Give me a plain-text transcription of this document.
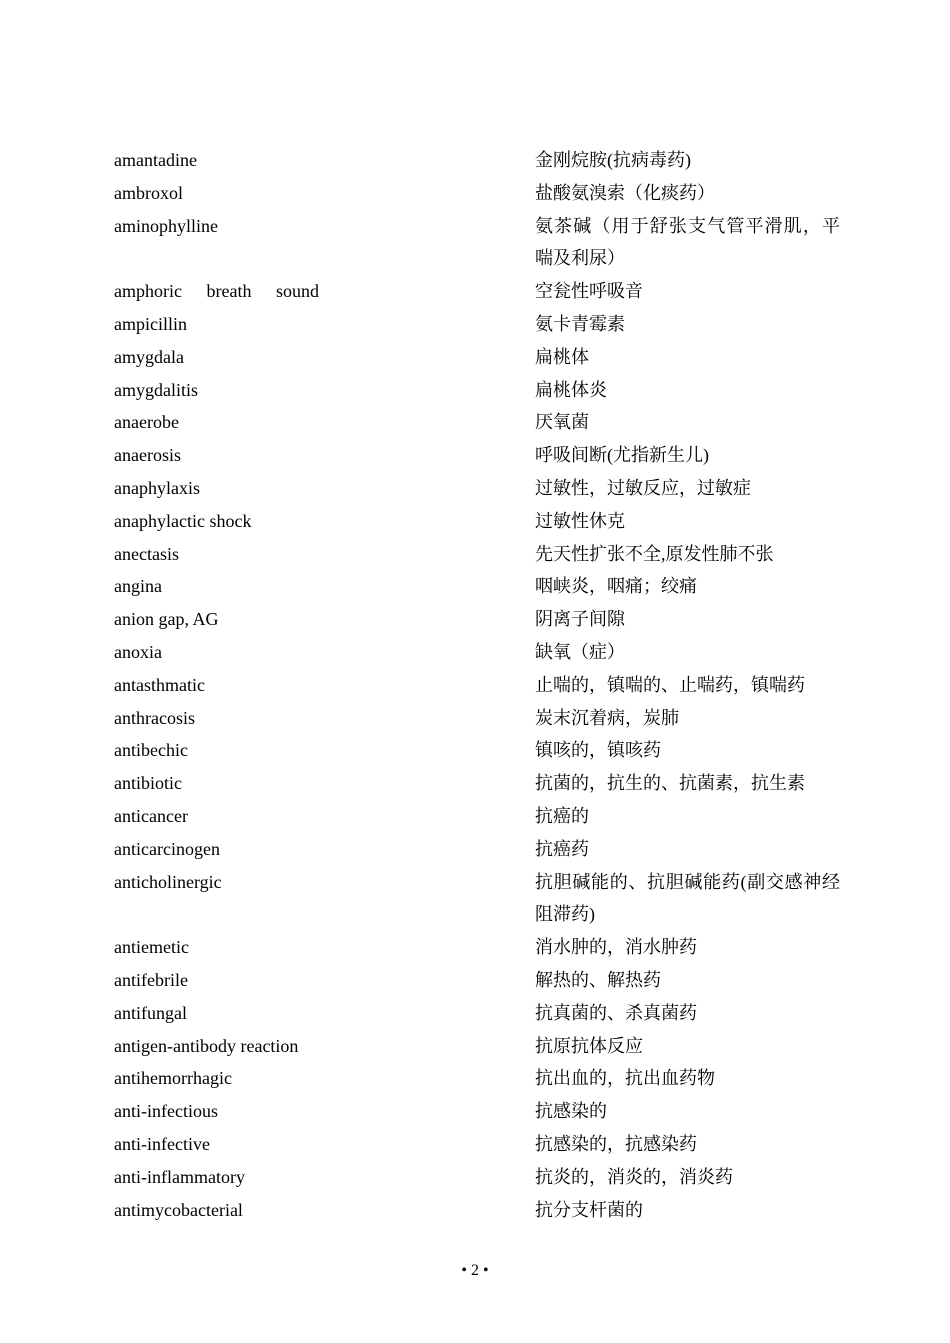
amantadine	金刚烷胺(抗病毒药)
ambroxol	盐酸氨溴索（化痰药）
aminophylline	氨茶碱（用于舒张支气管平滑肌，平喘及利尿）
amphoric breath sound	空瓮性呼吸音
ampicillin	氨卡青霉素
amygdala	扁桃体
amygdalitis	扁桃体炎
anaerobe	厌氧菌
anaerosis	呼吸间断(尤指新生儿)
anaphylaxis	过敏性，过敏反应，过敏症
anaphylactic shock	过敏性休克
anectasis	先天性扩张不全,原发性肺不张
angina	咽峡炎，咽痛；绞痛
anion gap, AG	阴离子间隙
anoxia	缺氧（症）
antasthmatic	止喘的，镇喘的、止喘药，镇喘药
anthracosis	炭末沉着病，炭肺
antibechic	镇咳的，镇咳药
antibiotic	抗菌的，抗生的、抗菌素，抗生素
anticancer	抗癌的
anticarcinogen	抗癌药
anticholinergic	抗胆碱能的、抗胆碱能药(副交感神经阻滞药)
antiemetic	消水肿的，消水肿药
antifebrile	解热的、解热药
antifungal	抗真菌的、杀真菌药
antigen-antibody reaction	抗原抗体反应
antihemorrhagic	抗出血的，抗出血药物
anti-infectious	抗感染的
anti-infective	抗感染的，抗感染药
anti-inflammatory	抗炎的，消炎的，消炎药
antimycobacterial	抗分支杆菌的
• 2 •
